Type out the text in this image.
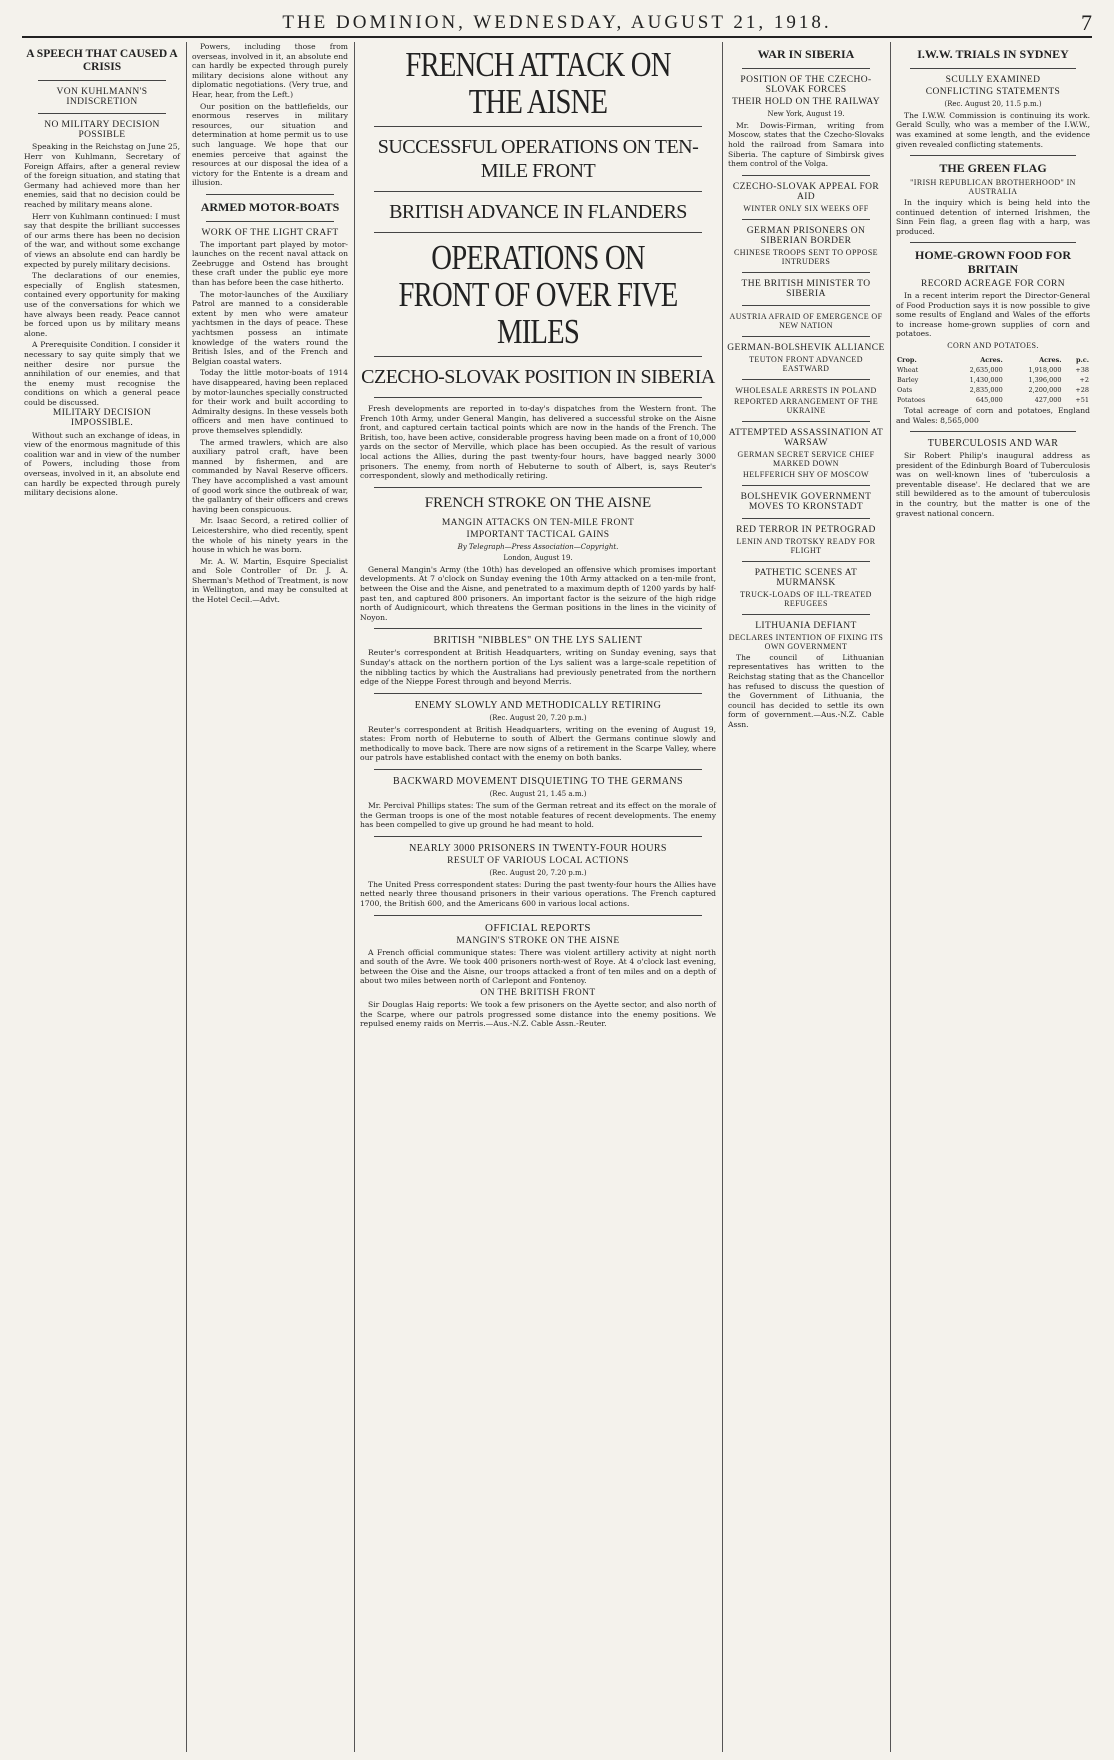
THE DOMINION, WEDNESDAY, AUGUST 21, 1918.	7
A SPEECH THAT CAUSED A CRISIS
VON KUHLMANN'S INDISCRETION
NO MILITARY DECISION POSSIBLE

Speaking in the Reichstag on June 25, Herr von Kuhlmann, Secretary of Foreign Affairs, after a general review of the foreign situation, and stating that Germany had achieved more than her enemies, said that no decision could be reached by military means alone.

Herr von Kuhlmann continued: I must say that despite the brilliant successes of our arms there has been no decision of the war, and without some exchange of views an absolute end can hardly be expected by purely military decisions.

The declarations of our enemies, especially of English statesmen, contained every opportunity for making use of the conversations for which we have always been ready. Peace cannot be forced upon us by military means alone.

A Prerequisite Condition. I consider it necessary to say quite simply that we neither desire nor pursue the annihilation of our enemies, and that the enemy must recognise the conditions on which a general peace could be discussed.

MILITARY DECISION IMPOSSIBLE.

Without such an exchange of ideas, in view of the enormous magnitude of this coalition war and in view of the number of Powers, including those from overseas, involved in it, an absolute end can hardly be expected through purely military decisions alone.

Powers, including those from overseas, involved in it, an absolute end can hardly be expected through purely military decisions alone without any diplomatic negotiations. (Very true, and Hear, hear, from the Left.)

Our position on the battlefields, our enormous reserves in military resources, our situation and determination at home permit us to use such language. We hope that our enemies perceive that against the resources at our disposal the idea of a victory for the Entente is a dream and illusion.

ARMED MOTOR-BOATS
WORK OF THE LIGHT CRAFT

The important part played by motor-launches on the recent naval attack on Zeebrugge and Ostend has brought these craft under the public eye more than has before been the case hitherto.

The motor-launches of the Auxiliary Patrol are manned to a considerable extent by men who were amateur yachtsmen in the days of peace. These yachtsmen possess an intimate knowledge of the waters round the British Isles, and of the French and Belgian coastal waters.

Today the little motor-boats of 1914 have disappeared, having been replaced by motor-launches specially constructed for their work and built according to Admiralty designs. In these vessels both officers and men have continued to prove themselves splendidly.

The armed trawlers, which are also auxiliary patrol craft, have been manned by fishermen, and are commanded by Naval Reserve officers. They have accomplished a vast amount of good work since the outbreak of war, the gallantry of their officers and crews having been conspicuous.

Mr. Isaac Secord, a retired collier of Leicestershire, who died recently, spent the whole of his ninety years in the house in which he was born.

Mr. A. W. Martin, Esquire Specialist and Sole Controller of Dr. J. A. Sherman's Method of Treatment, is now in Wellington, and may be consulted at the Hotel Cecil.—Advt.

FRENCH ATTACK ON THE AISNE
SUCCESSFUL OPERATIONS ON TEN-MILE FRONT
BRITISH ADVANCE IN FLANDERS
OPERATIONS ON FRONT OF OVER FIVE MILES
CZECHO-SLOVAK POSITION IN SIBERIA

Fresh developments are reported in to-day's dispatches from the Western front. The French 10th Army, under General Mangin, has delivered a successful stroke on the Aisne front, and captured certain tactical points which are now in the hands of the French. The British, too, have been active, considerable progress having been made on a front of 10,000 yards on the sector of Merville, which place has been occupied. As the result of various local actions the Allies, during the past twenty-four hours, have bagged nearly 3000 prisoners. The enemy, from north of Hebuterne to south of Albert, is, says Reuter's correspondent, slowly and methodically retiring.

FRENCH STROKE ON THE AISNE
MANGIN ATTACKS ON TEN-MILE FRONT
IMPORTANT TACTICAL GAINS
By Telegraph—Press Association—Copyright.
London, August 19.

General Mangin's Army (the 10th) has developed an offensive which promises important developments. At 7 o'clock on Sunday evening the 10th Army attacked on a ten-mile front, between the Oise and the Aisne, and penetrated to a maximum depth of 1200 yards by half-past ten, and captured 800 prisoners. An important factor is the seizure of the high ridge north of Audignicourt, which threatens the German positions in the lines in the vicinity of Noyon.

BRITISH "NIBBLES" ON THE LYS SALIENT

Reuter's correspondent at British Headquarters, writing on Sunday evening, says that Sunday's attack on the northern portion of the Lys salient was a large-scale repetition of the nibbling tactics by which the Australians had previously penetrated from the northern edge of the Nieppe Forest through and beyond Merris.

ENEMY SLOWLY AND METHODICALLY RETIRING
(Rec. August 20, 7.20 p.m.)

Reuter's correspondent at British Headquarters, writing on the evening of August 19, states: From north of Hebuterne to south of Albert the Germans continue slowly and methodically to move back. There are now signs of a retirement in the Scarpe Valley, where our patrols have established contact with the enemy on both banks.

BACKWARD MOVEMENT DISQUIETING TO THE GERMANS
(Rec. August 21, 1.45 a.m.)

Mr. Percival Phillips states: The sum of the German retreat and its effect on the morale of the German troops is one of the most notable features of recent developments. The enemy has been compelled to give up ground he had meant to hold.

NEARLY 3000 PRISONERS IN TWENTY-FOUR HOURS
RESULT OF VARIOUS LOCAL ACTIONS
(Rec. August 20, 7.20 p.m.)

The United Press correspondent states: During the past twenty-four hours the Allies have netted nearly three thousand prisoners in their various operations. The French captured 1700, the British 600, and the Americans 600 in various local actions.

OFFICIAL REPORTS
MANGIN'S STROKE ON THE AISNE

A French official communique states: There was violent artillery activity at night north and south of the Avre. We took 400 prisoners north-west of Roye. At 4 o'clock last evening, between the Oise and the Aisne, our troops attacked a front of ten miles and on a depth of about two miles between north of Carlepont and Fontenoy.

ON THE BRITISH FRONT

Sir Douglas Haig reports: We took a few prisoners on the Ayette sector, and also north of the Scarpe, where our patrols progressed some distance into the enemy positions. We repulsed enemy raids on Merris.—Aus.-N.Z. Cable Assn.-Reuter.

WAR IN SIBERIA
POSITION OF THE CZECHO-SLOVAK FORCES
THEIR HOLD ON THE RAILWAY
New York, August 19.

Mr. Dowis-Firman, writing from Moscow, states that the Czecho-Slovaks hold the railroad from Samara into Siberia. The capture of Simbirsk gives them control of the Volga.

CZECHO-SLOVAK APPEAL FOR AID
WINTER ONLY SIX WEEKS OFF
GERMAN PRISONERS ON SIBERIAN BORDER
CHINESE TROOPS SENT TO OPPOSE INTRUDERS
THE BRITISH MINISTER TO SIBERIA
AUSTRIA AFRAID OF EMERGENCE OF NEW NATION
GERMAN-BOLSHEVIK ALLIANCE
TEUTON FRONT ADVANCED EASTWARD
WHOLESALE ARRESTS IN POLAND
REPORTED ARRANGEMENT OF THE UKRAINE
ATTEMPTED ASSASSINATION AT WARSAW
GERMAN SECRET SERVICE CHIEF MARKED DOWN
HELFFERICH SHY OF MOSCOW
BOLSHEVIK GOVERNMENT MOVES TO KRONSTADT
RED TERROR IN PETROGRAD
LENIN AND TROTSKY READY FOR FLIGHT
PATHETIC SCENES AT MURMANSK
TRUCK-LOADS OF ILL-TREATED REFUGEES
LITHUANIA DEFIANT
DECLARES INTENTION OF FIXING ITS OWN GOVERNMENT

The council of Lithuanian representatives has written to the Reichstag stating that as the Chancellor has refused to discuss the question of the Government of Lithuania, the council has decided to settle its own form of government.—Aus.-N.Z. Cable Assn.

I.W.W. TRIALS IN SYDNEY
SCULLY EXAMINED
CONFLICTING STATEMENTS
(Rec. August 20, 11.5 p.m.)

The I.W.W. Commission is continuing its work. Gerald Scully, who was a member of the I.W.W., was examined at some length, and the evidence given revealed conflicting statements.

THE GREEN FLAG
"IRISH REPUBLICAN BROTHERHOOD" IN AUSTRALIA

In the inquiry which is being held into the continued detention of interned Irishmen, the Sinn Fein flag, a green flag with a harp, was produced.

HOME-GROWN FOOD FOR BRITAIN
RECORD ACREAGE FOR CORN

In a recent interim report the Director-General of Food Production says it is now possible to give some results of England and Wales of the efforts to increase home-grown supplies of corn and potatoes.

CORN AND POTATOES.
Crop.	Acres.	Acres.	p.c.
Wheat	2,635,000	1,918,000	+38
Barley	1,430,000	1,396,000	+2
Oats	2,835,000	2,200,000	+28
Potatoes	645,000	427,000	+51

Total acreage of corn and potatoes, England and Wales: 8,565,000

TUBERCULOSIS AND WAR

Sir Robert Philip's inaugural address as president of the Edinburgh Board of Tuberculosis was on well-known lines of 'tuberculosis a preventable disease'. He declared that we are still bewildered as to the amount of tuberculosis in the country, but the matter is one of the gravest national concern.
